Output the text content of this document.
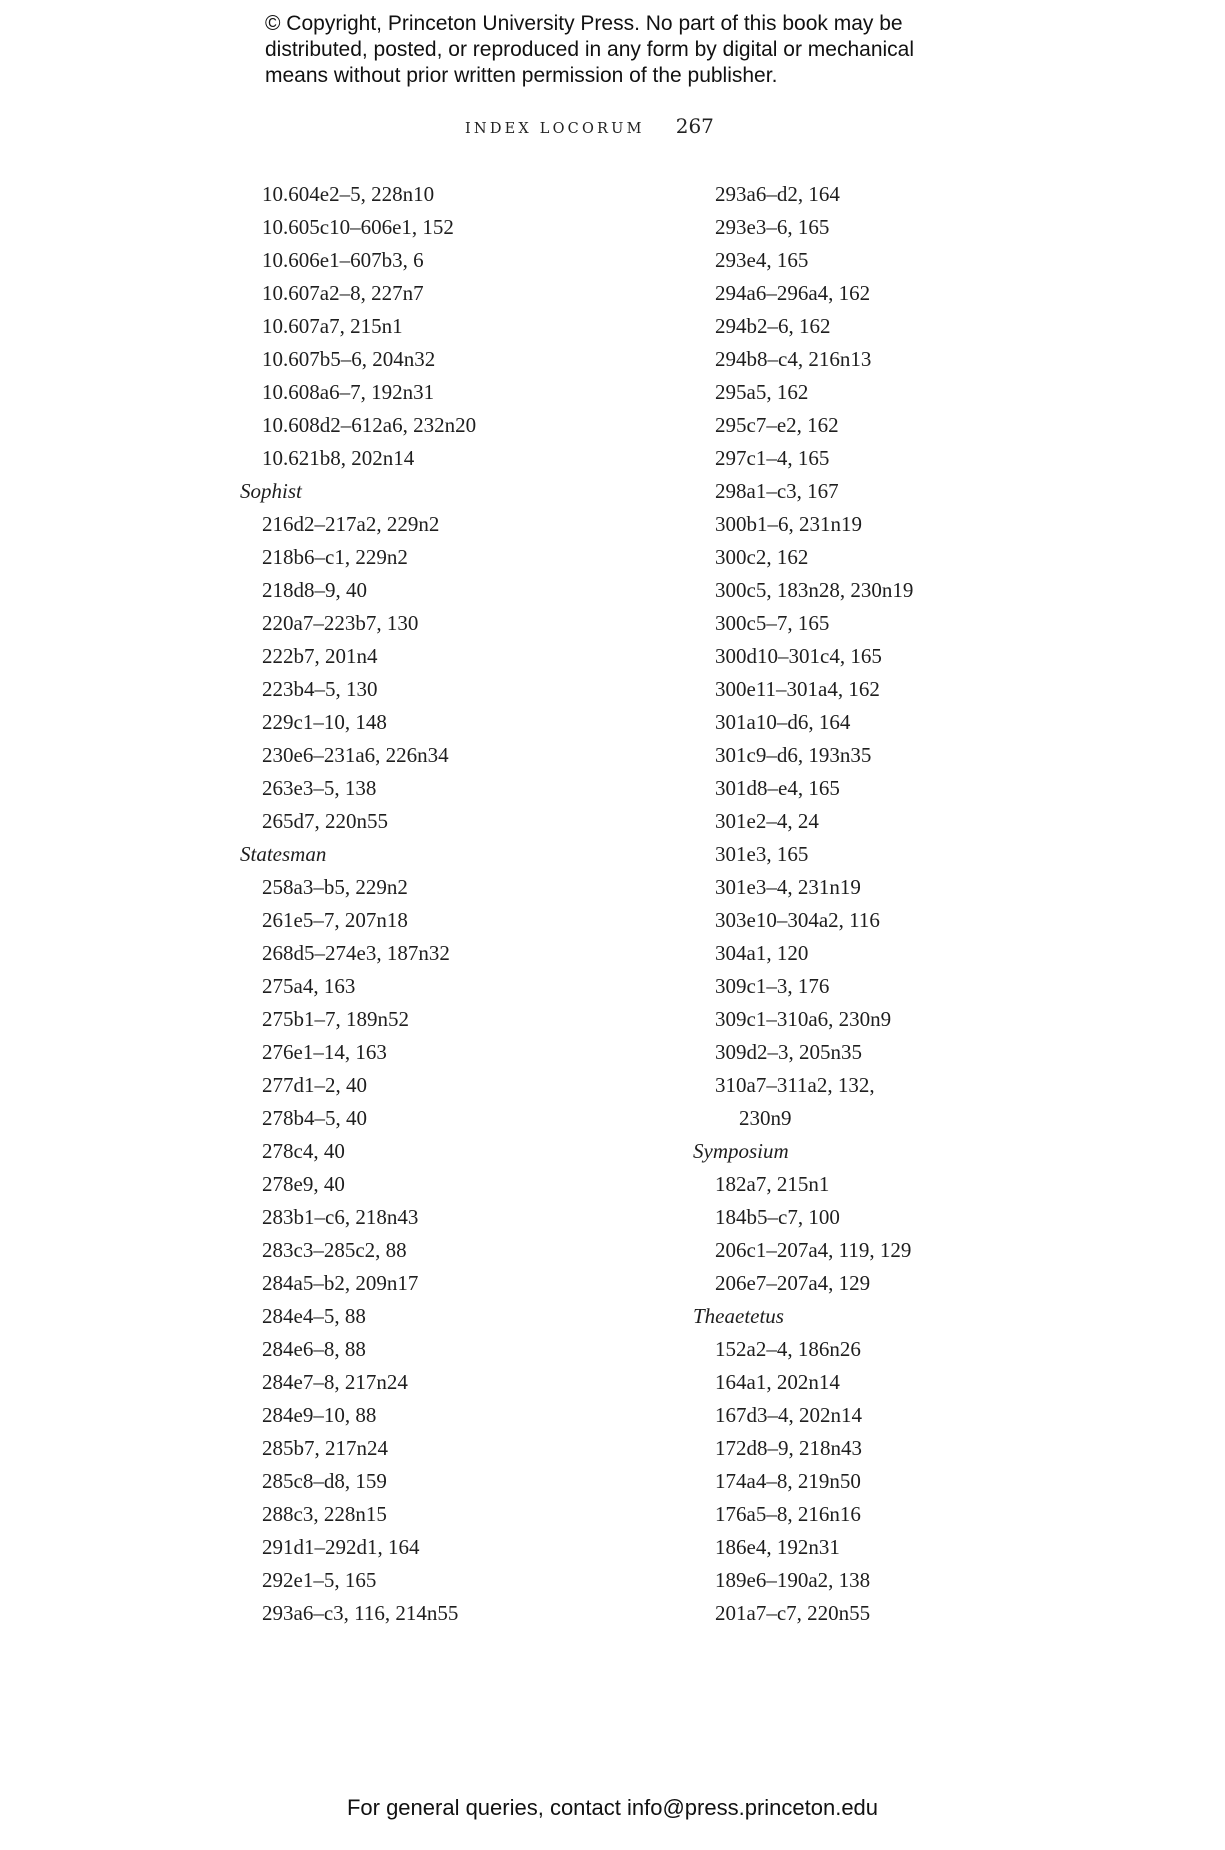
© Copyright, Princeton University Press. No part of this book may be
distributed, posted, or reproduced in any form by digital or mechanical
means without prior written permission of the publisher.
INDEX LOCORUM 267
10.604e2–5, 228n10
10.605c10–606e1, 152
10.606e1–607b3, 6
10.607a2–8, 227n7
10.607a7, 215n1
10.607b5–6, 204n32
10.608a6–7, 192n31
10.608d2–612a6, 232n20
10.621b8, 202n14
Sophist
216d2–217a2, 229n2
218b6–c1, 229n2
218d8–9, 40
220a7–223b7, 130
222b7, 201n4
223b4–5, 130
229c1–10, 148
230e6–231a6, 226n34
263e3–5, 138
265d7, 220n55
Statesman
258a3–b5, 229n2
261e5–7, 207n18
268d5–274e3, 187n32
275a4, 163
275b1–7, 189n52
276e1–14, 163
277d1–2, 40
278b4–5, 40
278c4, 40
278e9, 40
283b1–c6, 218n43
283c3–285c2, 88
284a5–b2, 209n17
284e4–5, 88
284e6–8, 88
284e7–8, 217n24
284e9–10, 88
285b7, 217n24
285c8–d8, 159
288c3, 228n15
291d1–292d1, 164
292e1–5, 165
293a6–c3, 116, 214n55
293a6–d2, 164
293e3–6, 165
293e4, 165
294a6–296a4, 162
294b2–6, 162
294b8–c4, 216n13
295a5, 162
295c7–e2, 162
297c1–4, 165
298a1–c3, 167
300b1–6, 231n19
300c2, 162
300c5, 183n28, 230n19
300c5–7, 165
300d10–301c4, 165
300e11–301a4, 162
301a10–d6, 164
301c9–d6, 193n35
301d8–e4, 165
301e2–4, 24
301e3, 165
301e3–4, 231n19
303e10–304a2, 116
304a1, 120
309c1–3, 176
309c1–310a6, 230n9
309d2–3, 205n35
310a7–311a2, 132,
230n9
Symposium
182a7, 215n1
184b5–c7, 100
206c1–207a4, 119, 129
206e7–207a4, 129
Theaetetus
152a2–4, 186n26
164a1, 202n14
167d3–4, 202n14
172d8–9, 218n43
174a4–8, 219n50
176a5–8, 216n16
186e4, 192n31
189e6–190a2, 138
201a7–c7, 220n55
For general queries, contact info@press.princeton.edu
